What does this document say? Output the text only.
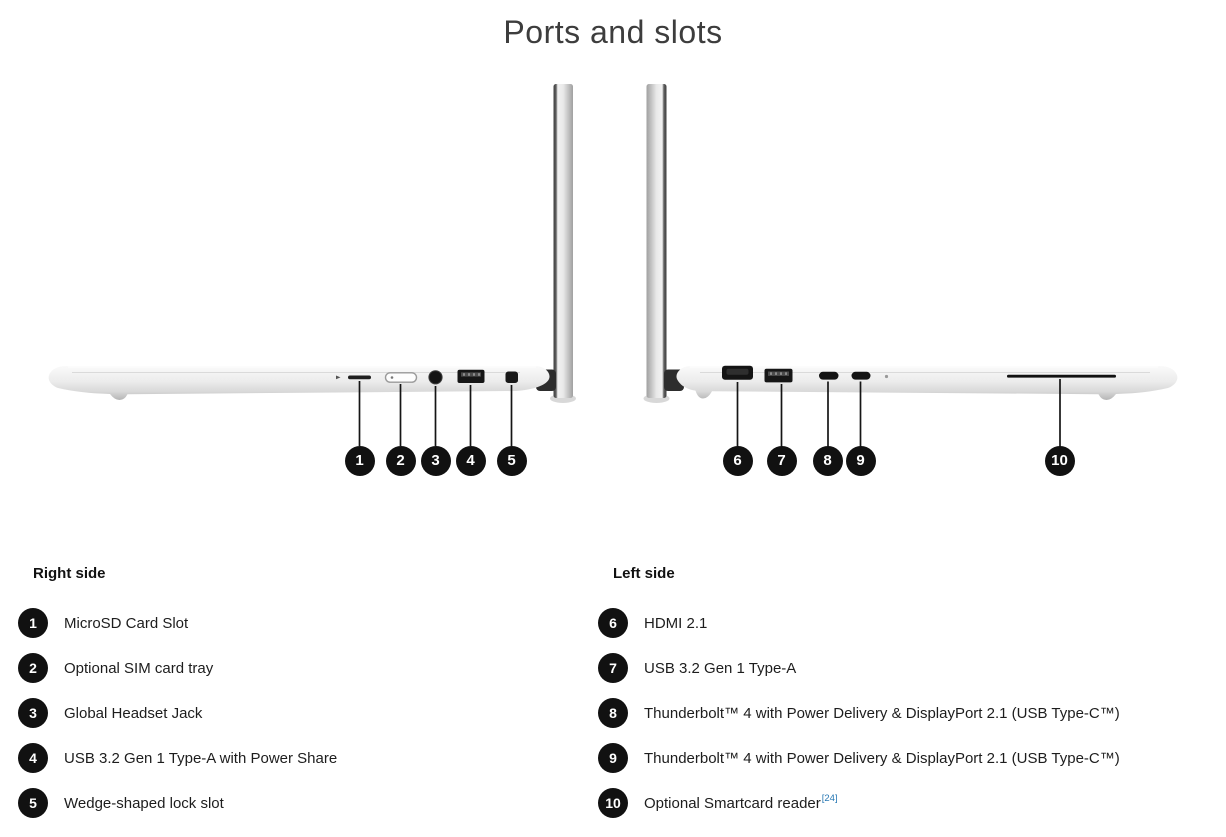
Ports and slots
1	2	3	4	5	6	7	8	9	10

Right side

1	MicroSD Card Slot
2	Optional SIM card tray
3	Global Headset Jack
4	USB 3.2 Gen 1 Type-A with Power Share
5	Wedge-shaped lock slot

Left side

6	HDMI 2.1
7	USB 3.2 Gen 1 Type-A
8	Thunderbolt™ 4 with Power Delivery & DisplayPort 2.1 (USB Type-C™)
9	Thunderbolt™ 4 with Power Delivery & DisplayPort 2.1 (USB Type-C™)
10	Optional Smartcard reader[24]
